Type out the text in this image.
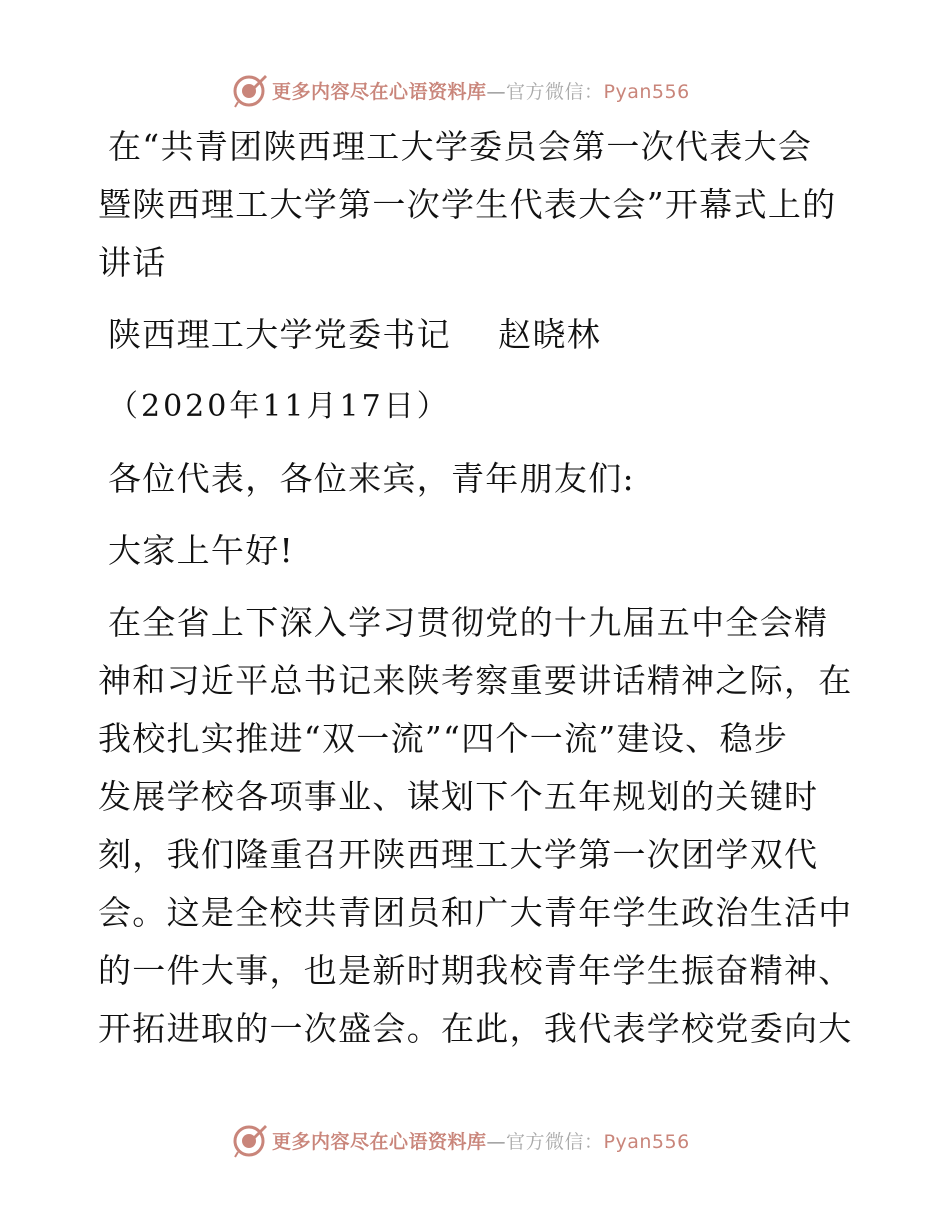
更多内容尽在心语资料库—官方微信：Pyan556

在“共青团陕西理工大学委员会第一次代表大会

暨陕西理工大学第一次学生代表大会”开幕式上的

讲话

陕西理工大学党委书记    赵晓林

（2020年11月17日）

各位代表，各位来宾，青年朋友们:

大家上午好!

在全省上下深入学习贯彻党的十九届五中全会精

神和习近平总书记来陕考察重要讲话精神之际，在

我校扎实推进“双一流”“四个一流”建设、稳步

发展学校各项事业、谋划下个五年规划的关键时

刻，我们隆重召开陕西理工大学第一次团学双代

会。这是全校共青团员和广大青年学生政治生活中

的一件大事，也是新时期我校青年学生振奋精神、

开拓进取的一次盛会。在此，我代表学校党委向大

更多内容尽在心语资料库—官方微信：Pyan556
